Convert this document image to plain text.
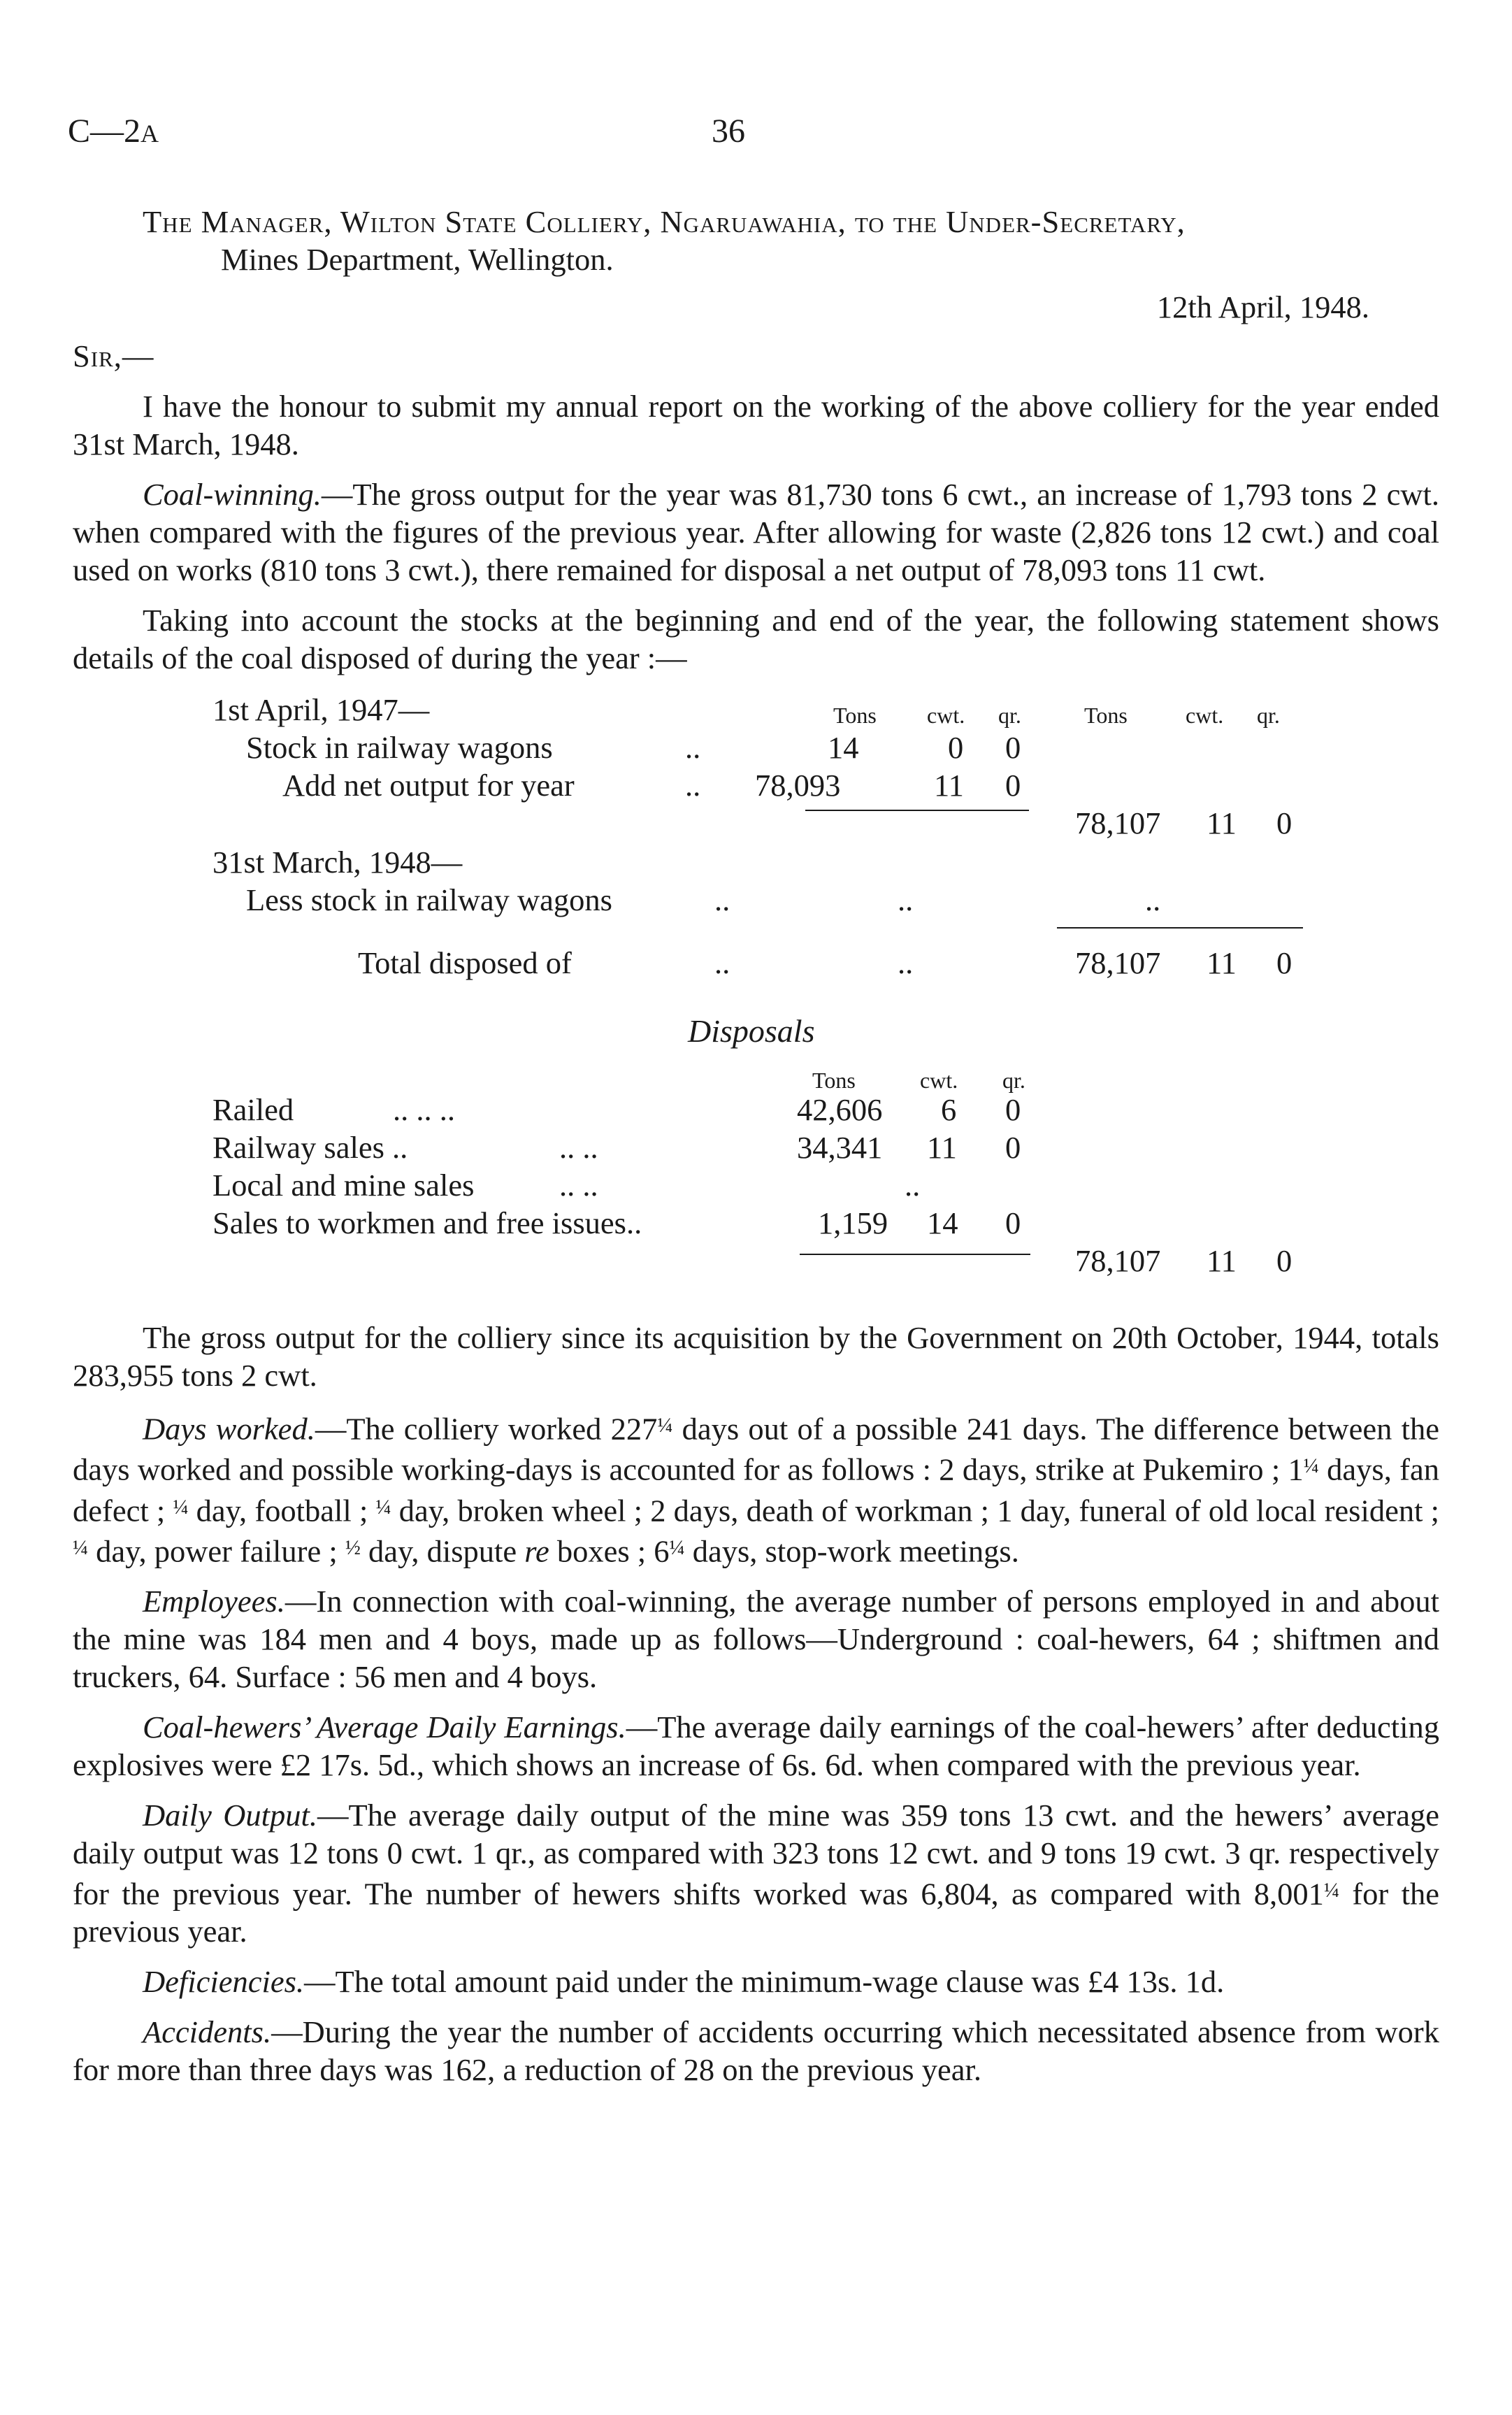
C—2A	36

The Manager, Wilton State Colliery, Ngaruawahia, to the Under-Secretary,
Mines Department, Wellington.

12th April, 1948.
Sir,—

I have the honour to submit my annual report on the working of the above colliery for the year ended 31st March, 1948.

Coal-winning.—The gross output for the year was 81,730 tons 6 cwt., an increase of 1,793 tons 2 cwt. when compared with the figures of the previous year. After allowing for waste (2,826 tons 12 cwt.) and coal used on works (810 tons 3 cwt.), there remained for disposal a net output of 78,093 tons 11 cwt.

Taking into account the stocks at the beginning and end of the year, the following statement shows details of the coal disposed of during the year :—

Tons cwt. qr.	Tons	cwt. qr.
1st April, 1947—
Stock in railway wagons	..	14	0 0
Add net output for year	.. 78,093	11 0
78,107 11 0
31st March, 1948—
Less stock in railway wagons	..	..	..
Total disposed of	..	..	78,107 11 0
Disposals
Tons	cwt. qr.
Railed	.. .. ..	42,606 6 0
Railway sales ..	.. ..	34,341 11 0
Local and mine sales	.. ..	..
Sales to workmen and free issues..	1,159 14 0
78,107 11 0

The gross output for the colliery since its acquisition by the Government on 20th October, 1944, totals 283,955 tons 2 cwt.

Days worked.—The colliery worked $227^{\frac{1}{4}}$ days out of a possible 241 days. The difference between the days worked and possible working-days is accounted for as follows : 2 days, strike at Pukemiro ; $1^{\frac{1}{4}}$ days, fan defect ; $^{\frac{1}{4}}$ day, football ; $^{\frac{1}{4}}$ day, broken wheel ; 2 days, death of workman ; 1 day, funeral of old local resident ; $^{\frac{1}{4}}$ day, power failure ; $^{\frac{1}{2}}$ day, dispute re boxes ; $6^{\frac{1}{4}}$ days, stop-work meetings.

Employees.—In connection with coal-winning, the average number of persons employed in and about the mine was 184 men and 4 boys, made up as follows—Underground : coal-hewers, 64 ; shiftmen and truckers, 64. Surface : 56 men and 4 boys.

Coal-hewers’ Average Daily Earnings.—The average daily earnings of the coal-hewers’ after deducting explosives were £2 17s. 5d., which shows an increase of 6s. 6d. when compared with the previous year.

Daily Output.—The average daily output of the mine was 359 tons 13 cwt. and the hewers’ average daily output was 12 tons 0 cwt. 1 qr., as compared with 323 tons 12 cwt. and 9 tons 19 cwt. 3 qr. respectively for the previous year. The number of hewers shifts worked was 6,804, as compared with $8,001^{\frac{1}{4}}$ for the previous year.

Deficiencies.—The total amount paid under the minimum-wage clause was £4 13s. 1d.

Accidents.—During the year the number of accidents occurring which necessitated absence from work for more than three days was 162, a reduction of 28 on the previous year.
